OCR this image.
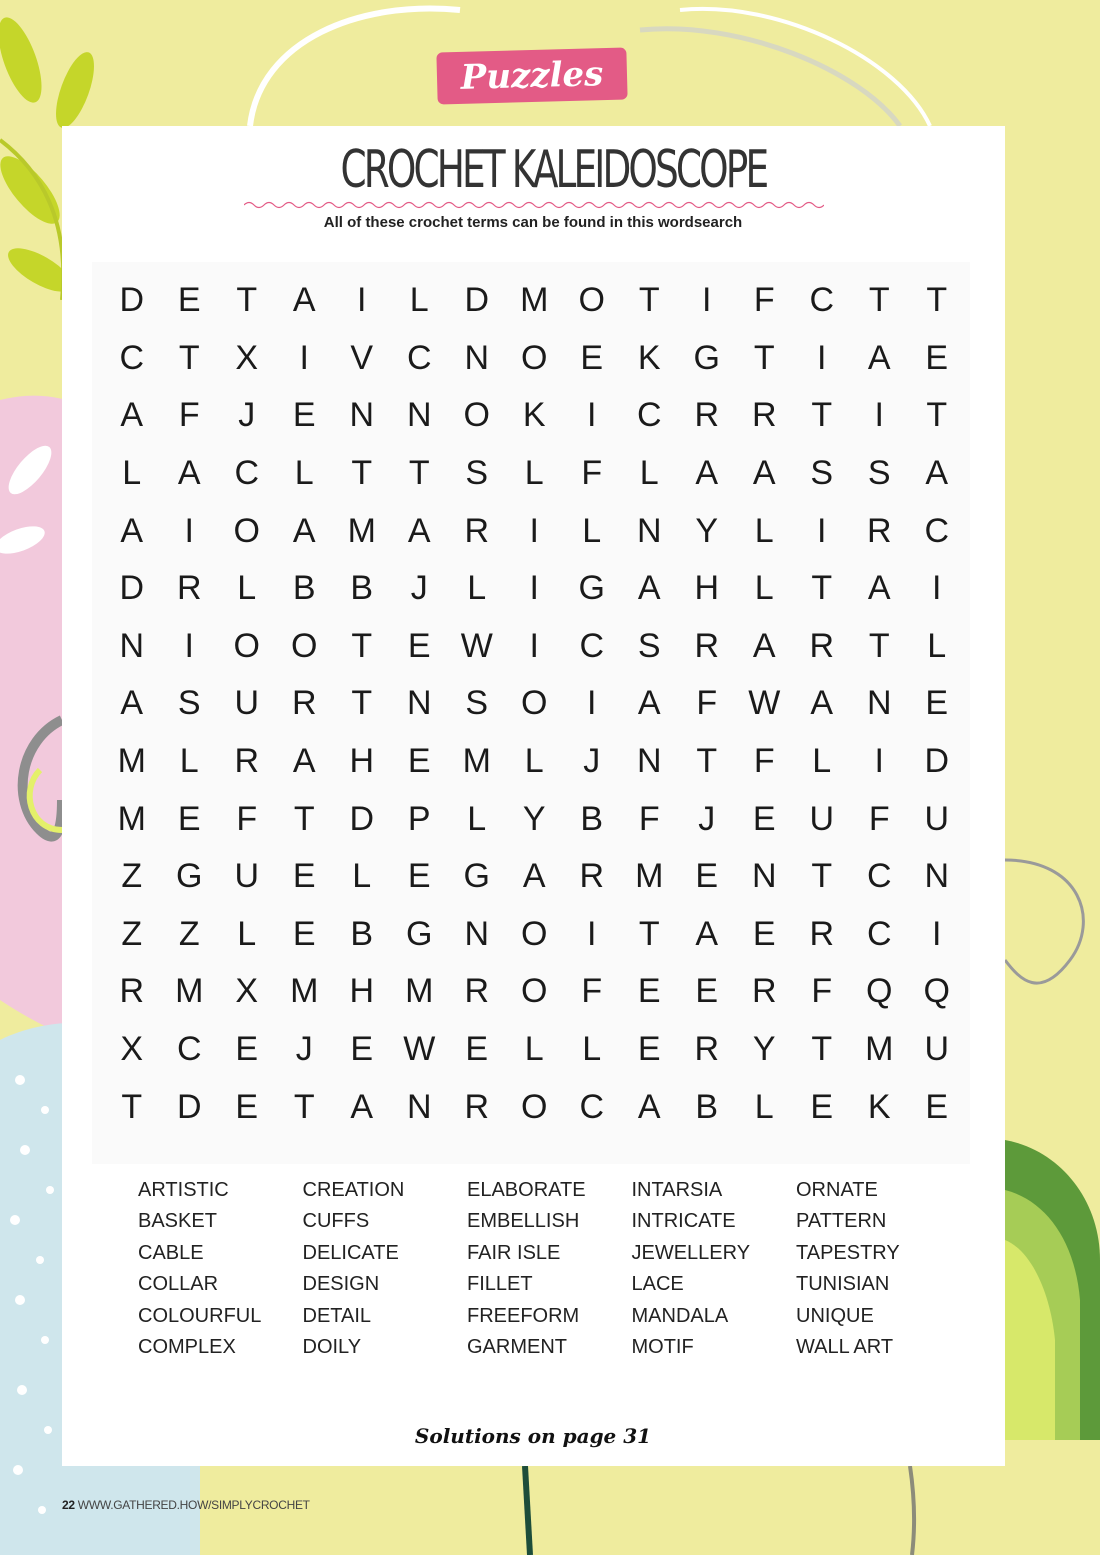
Puzzles
CROCHET KALEIDOSCOPE
All of these crochet terms can be found in this wordsearch
D E	T	A	I	L	D M O T	I	F	C	T	T
C	T	X	I	V C N O E	K G T	I	A	E
A	F	J	E N N O K	I	C R R	T	I	T
L	A C	L	T	T	S	L	F	L	A	A	S	S	A
A	I	O A M A R	I	L	N Y	L	I	R C
D R	L	B	B	J	L	I	G A H	L	T	A	I
N	I	O O T	E W	I	C S R A R	T	L
A	S U R	T	N S O	I	A	F W A N E
M L	R A H E M L	J	N	T	F	L	I	D
M E	F	T	D P	L	Y	B	F	J	E U	F	U
Z G U E	L	E G A R M E N	T	C N
Z	Z	L	E	B G N O	I	T	A	E R C	I
R M X M H M R O F	E	E R	F Q Q
X C E	J	E W E	L	L	E R Y	T M U
T	D E	T	A N R O C A	B	L	E	K	E
ARTISTIC
BASKET
CABLE
COLLAR
COLOURFUL
COMPLEX
CREATION
CUFFS
DELICATE
DESIGN
DETAIL
DOILY
ELABORATE
EMBELLISH
FAIR ISLE
FILLET
FREEFORM
GARMENT
INTARSIA
INTRICATE
JEWELLERY
LACE
MANDALA
MOTIF
ORNATE
PATTERN
TAPESTRY
TUNISIAN
UNIQUE
WALL ART
Solutions on page 31
22 WWW.GATHERED.HOW/SIMPLYCROCHET
